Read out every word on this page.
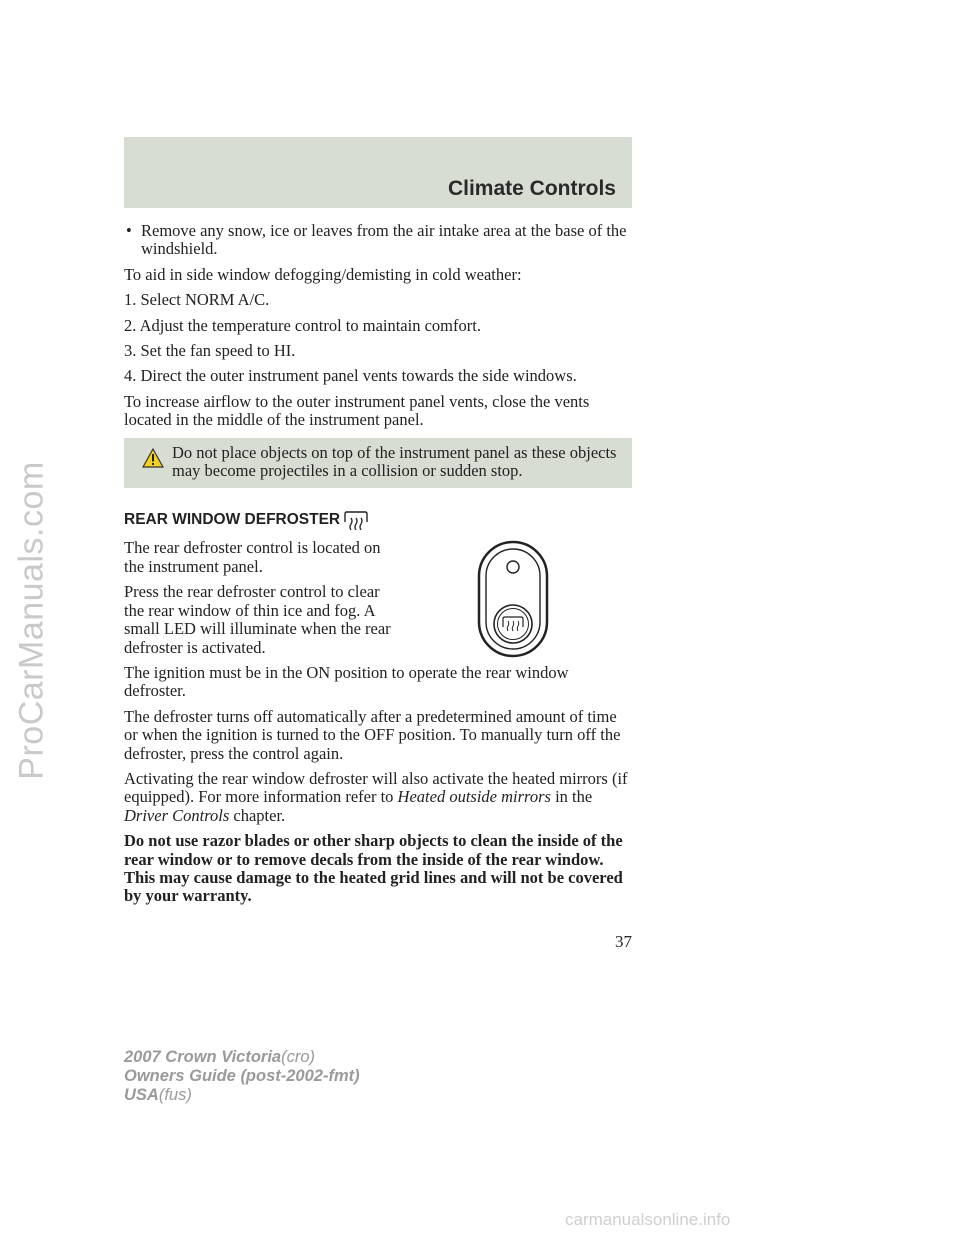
ProCarManuals.com
Climate Controls
• Remove any snow, ice or leaves from the air intake area at the base of the windshield.

To aid in side window defogging/demisting in cold weather:

1. Select NORM A/C.

2. Adjust the temperature control to maintain comfort.

3. Set the fan speed to HI.

4. Direct the outer instrument panel vents towards the side windows.

To increase airflow to the outer instrument panel vents, close the vents located in the middle of the instrument panel.

Do not place objects on top of the instrument panel as these objects may become projectiles in a collision or sudden stop.
REAR WINDOW DEFROSTER

The rear defroster control is located on the instrument panel.

Press the rear defroster control to clear the rear window of thin ice and fog. A small LED will illuminate when the rear defroster is activated.

The ignition must be in the ON position to operate the rear window defroster.

The defroster turns off automatically after a predetermined amount of time or when the ignition is turned to the OFF position. To manually turn off the defroster, press the control again.

Activating the rear window defroster will also activate the heated mirrors (if equipped). For more information refer to Heated outside mirrors in the Driver Controls chapter.

Do not use razor blades or other sharp objects to clean the inside of the rear window or to remove decals from the inside of the rear window. This may cause damage to the heated grid lines and will not be covered by your warranty.

37
2007 Crown Victoria(cro)
Owners Guide (post-2002-fmt)
USA(fus)
carmanualsonline.info
